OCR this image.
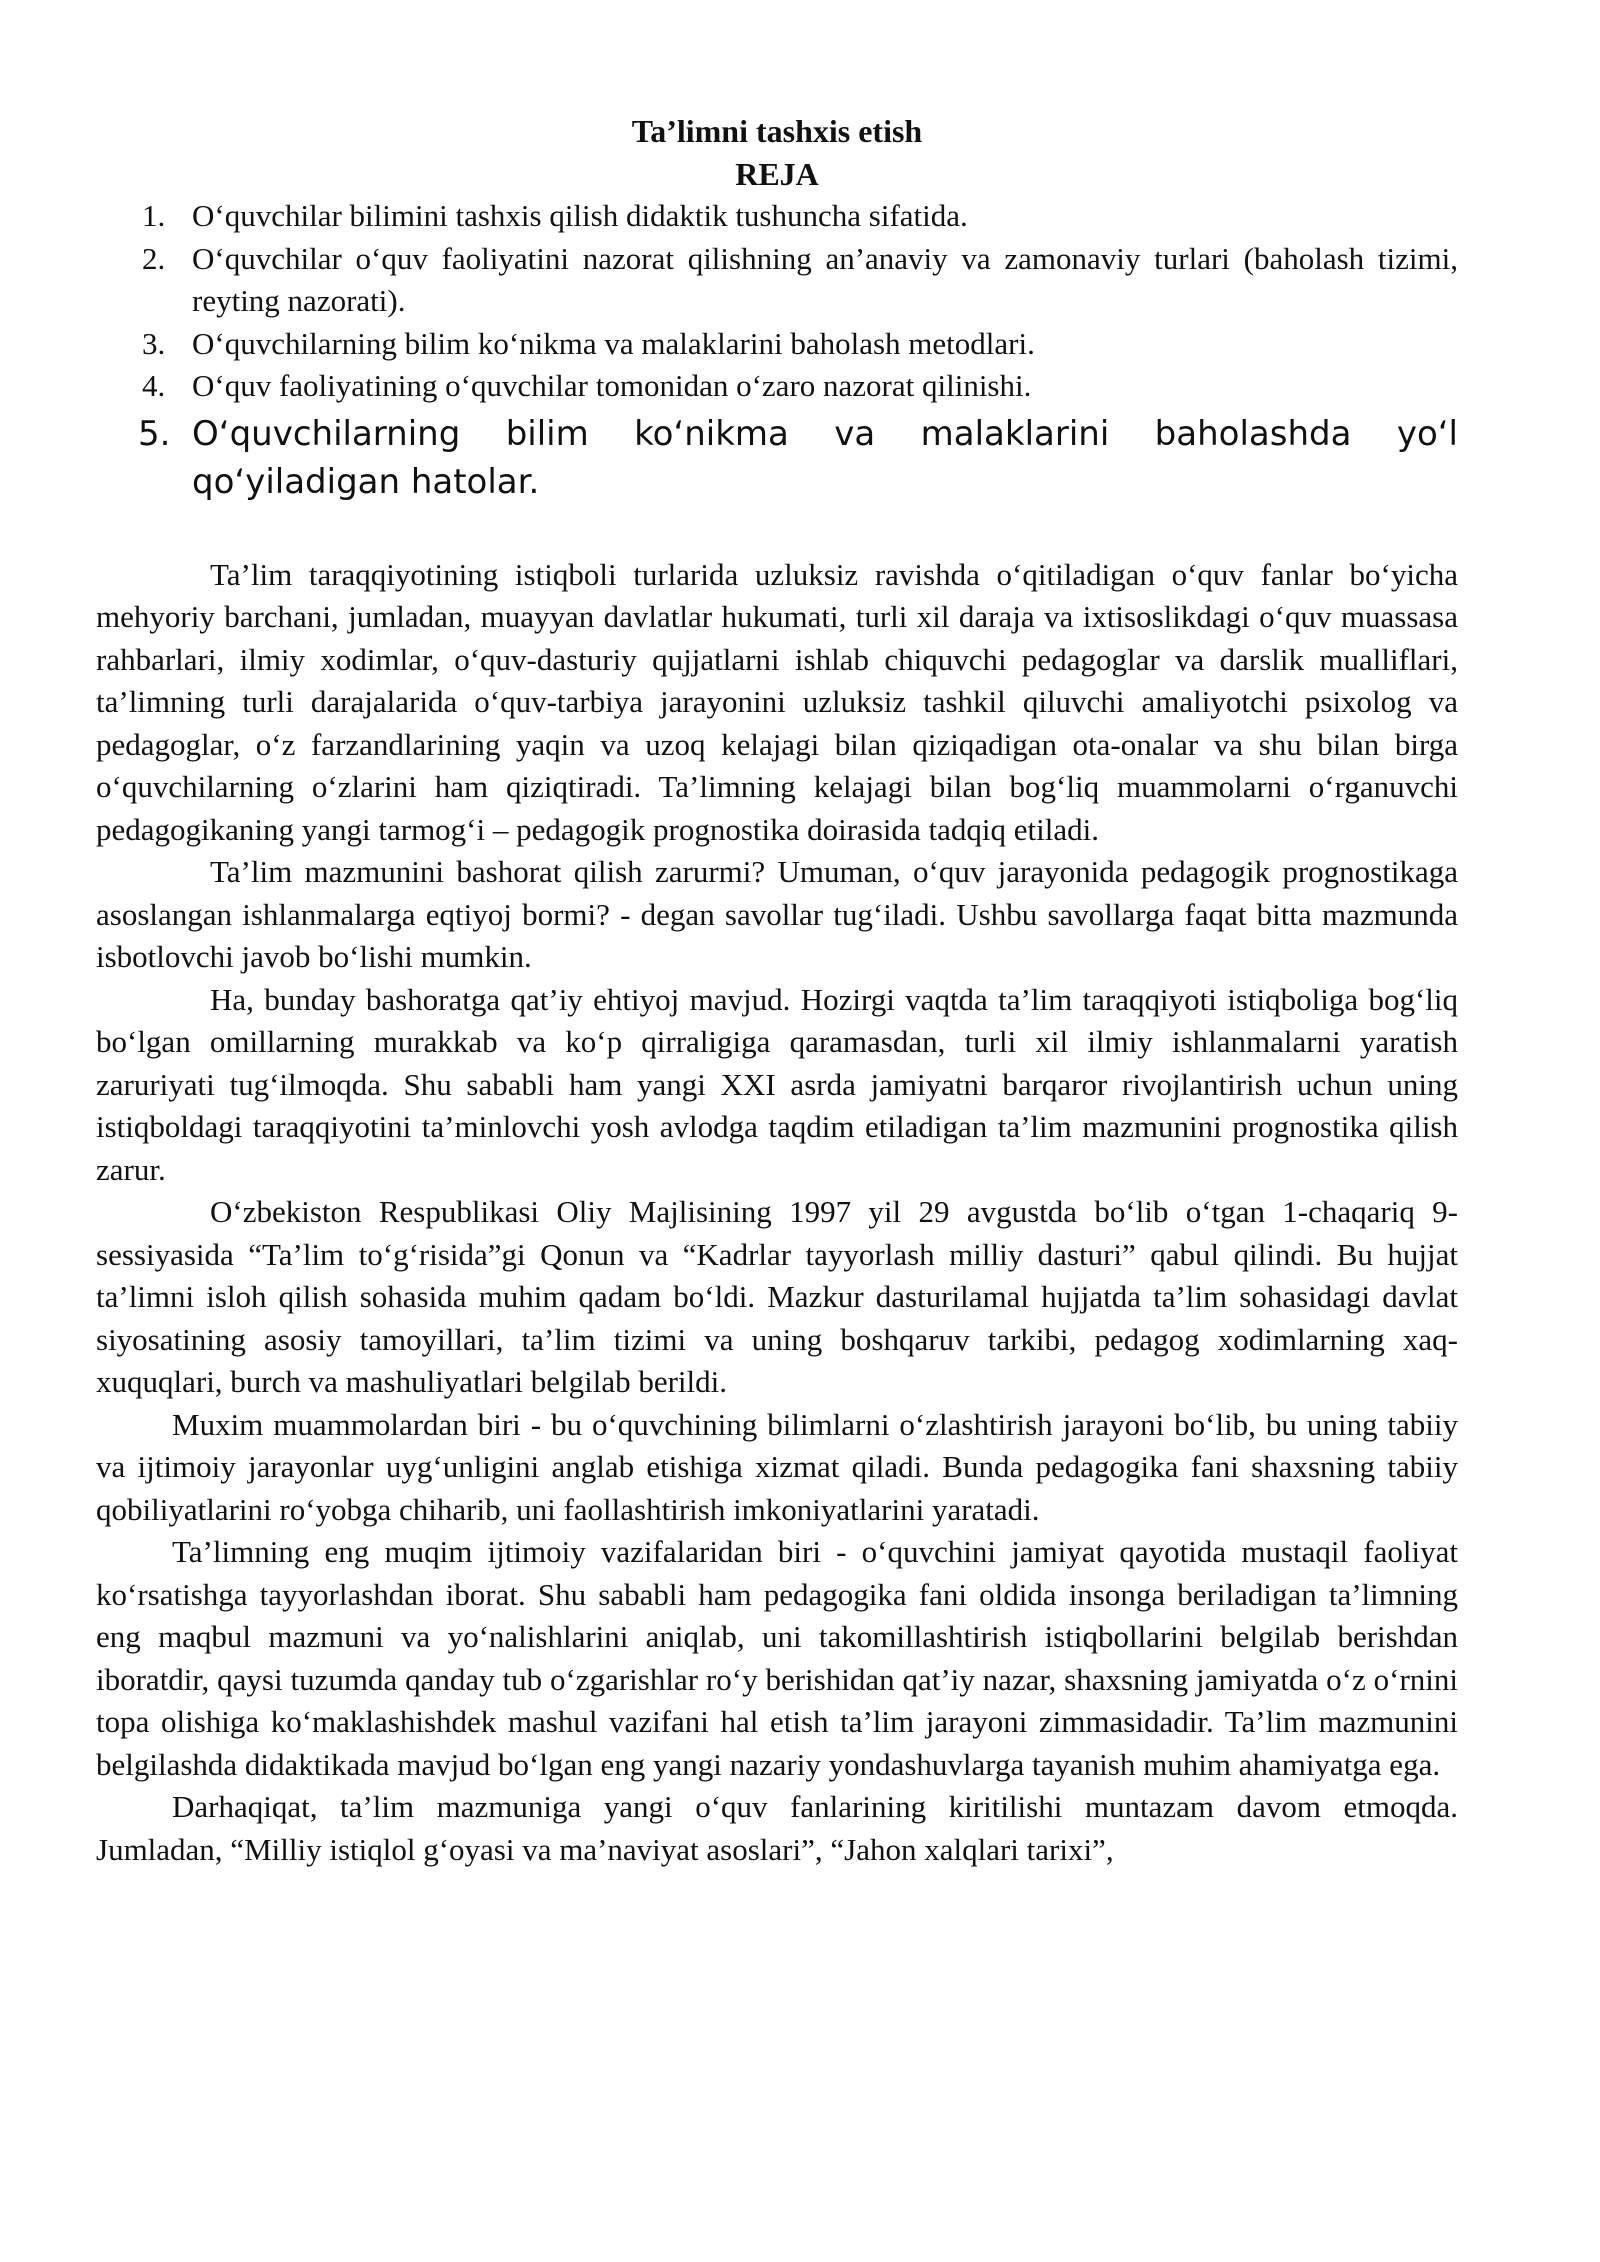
Ta’limni tashxis etish

REJA

1. O‘quvchilar bilimini tashxis qilish didaktik tushuncha sifatida.
2. O‘quvchilar o‘quv faoliyatini nazorat qilishning an’anaviy va zamonaviy turlari (baholash tizimi, reyting nazorati).
3. O‘quvchilarning bilim ko‘nikma va malaklarini baholash metodlari.
4. O‘quv faoliyatining o‘quvchilar tomonidan o‘zaro nazorat qilinishi.
5. O‘quvchilarning bilim ko‘nikma va malaklarini baholashda yo‘l qo‘yiladigan hatolar.

Ta’lim taraqqiyotining istiqboli turlarida uzluksiz ravishda o‘qitiladigan o‘quv fanlar bo‘yicha mehyoriy barchani, jumladan, muayyan davlatlar hukumati, turli xil daraja va ixtisoslikdagi o‘quv muassasa rahbarlari, ilmiy xodimlar, o‘quv-dasturiy qujjatlarni ishlab chiquvchi pedagoglar va darslik mualliflari, ta’limning turli darajalarida o‘quv-tarbiya jarayonini uzluksiz tashkil qiluvchi amaliyotchi psixolog va pedagoglar, o‘z farzandlarining yaqin va uzoq kelajagi bilan qiziqadigan ota-onalar va shu bilan birga o‘quvchilarning o‘zlarini ham qiziqtiradi. Ta’limning kelajagi bilan bog‘liq muammolarni o‘rganuvchi pedagogikaning yangi tarmog‘i – pedagogik prognostika doirasida tadqiq etiladi.

Ta’lim mazmunini bashorat qilish zarurmi? Umuman, o‘quv jarayonida pedagogik prognostikaga asoslangan ishlanmalarga eqtiyoj bormi? - degan savollar tug‘iladi. Ushbu savollarga faqat bitta mazmunda isbotlovchi javob bo‘lishi mumkin.

Ha, bunday bashoratga qat’iy ehtiyoj mavjud. Hozirgi vaqtda ta’lim taraqqiyoti istiqboliga bog‘liq bo‘lgan omillarning murakkab va ko‘p qirraligiga qaramasdan, turli xil ilmiy ishlanmalarni yaratish zaruriyati tug‘ilmoqda. Shu sababli ham yangi XXI asrda jamiyatni barqaror rivojlantirish uchun uning istiqboldagi taraqqiyotini ta’minlovchi yosh avlodga taqdim etiladigan ta’lim mazmunini prognostika qilish zarur.

O‘zbekiston Respublikasi Oliy Majlisining 1997 yil 29 avgustda bo‘lib o‘tgan 1-chaqariq 9-sessiyasida “Ta’lim to‘g‘risida”gi Qonun va “Kadrlar tayyorlash milliy dasturi” qabul qilindi. Bu hujjat ta’limni isloh qilish sohasida muhim qadam bo‘ldi. Mazkur dasturilamal hujjatda ta’lim sohasidagi davlat siyosatining asosiy tamoyillari, ta’lim tizimi va uning boshqaruv tarkibi, pedagog xodimlarning xaq-xuquqlari, burch va mashuliyatlari belgilab berildi.

Muxim muammolardan biri - bu o‘quvchining bilimlarni o‘zlashtirish jarayoni bo‘lib, bu uning tabiiy va ijtimoiy jarayonlar uyg‘unligini anglab etishiga xizmat qiladi. Bunda pedagogika fani shaxsning tabiiy qobiliyatlarini ro‘yobga chiharib, uni faollashtirish imkoniyatlarini yaratadi.

Ta’limning eng muqim ijtimoiy vazifalaridan biri - o‘quvchini jamiyat qayotida mustaqil faoliyat ko‘rsatishga tayyorlashdan iborat. Shu sababli ham pedagogika fani oldida insonga beriladigan ta’limning eng maqbul mazmuni va yo‘nalishlarini aniqlab, uni takomillashtirish istiqbollarini belgilab berishdan iboratdir, qaysi tuzumda qanday tub o‘zgarishlar ro‘y berishidan qat’iy nazar, shaxsning jamiyatda o‘z o‘rnini topa olishiga ko‘maklashishdek mashul vazifani hal etish ta’lim jarayoni zimmasidadir. Ta’lim mazmunini belgilashda didaktikada mavjud bo‘lgan eng yangi nazariy yondashuvlarga tayanish muhim ahamiyatga ega.

Darhaqiqat, ta’lim mazmuniga yangi o‘quv fanlarining kiritilishi muntazam davom etmoqda. Jumladan, “Milliy istiqlol g‘oyasi va ma’naviyat asoslari”, “Jahon xalqlari tarixi”,
